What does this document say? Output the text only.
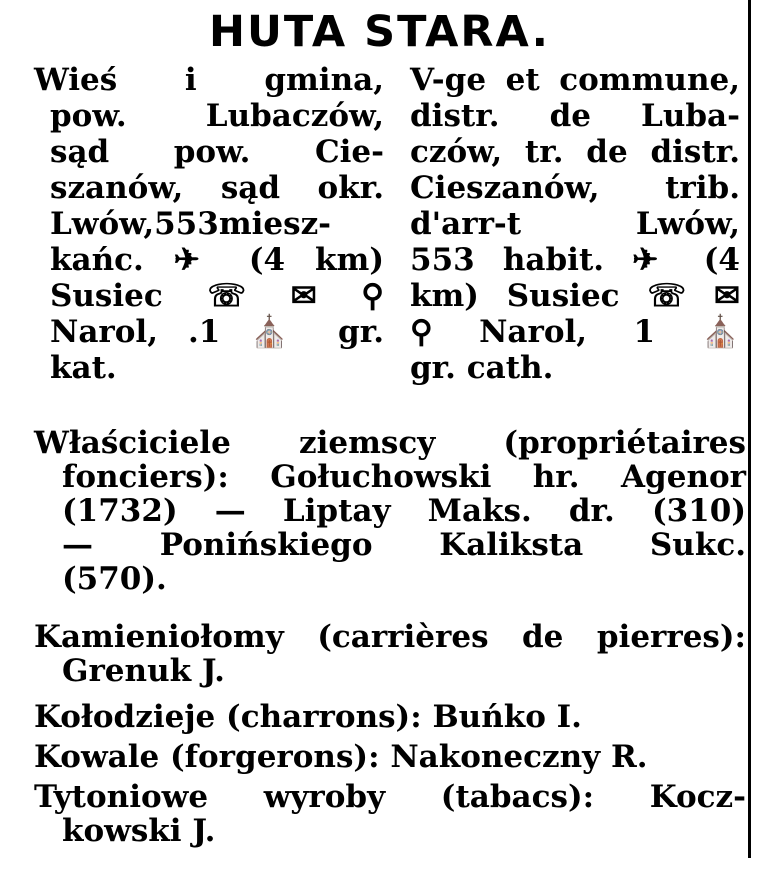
HUTA STARA.
Wieś i gmina,
pow. Lubaczów,
sąd pow. Cie-
szanów, sąd okr.
Lwów,553miesz-
kańc. ✈ (4 km)
Susiec ☏ ✉ ⚲
Narol, .1 ⛪ gr.
kat.
V-ge et commune,
distr. de Luba-
czów, tr. de distr.
Cieszanów, trib.
d'arr-t Lwów,
553 habit. ✈ (4
km) Susiec ☏ ✉
⚲ Narol, 1 ⛪
gr. cath.
Właściciele ziemscy (propriétaires
fonciers): Gołuchowski hr. Agenor
(1732) — Liptay Maks. dr. (310)
— Ponińskiego Kaliksta Sukc.
(570).
Kamieniołomy (carrières de pierres):
Grenuk J.
Kołodzieje (charrons): Buńko I.
Kowale (forgerons): Nakoneczny R.
Tytoniowe wyroby (tabacs): Kocz-
kowski J.
